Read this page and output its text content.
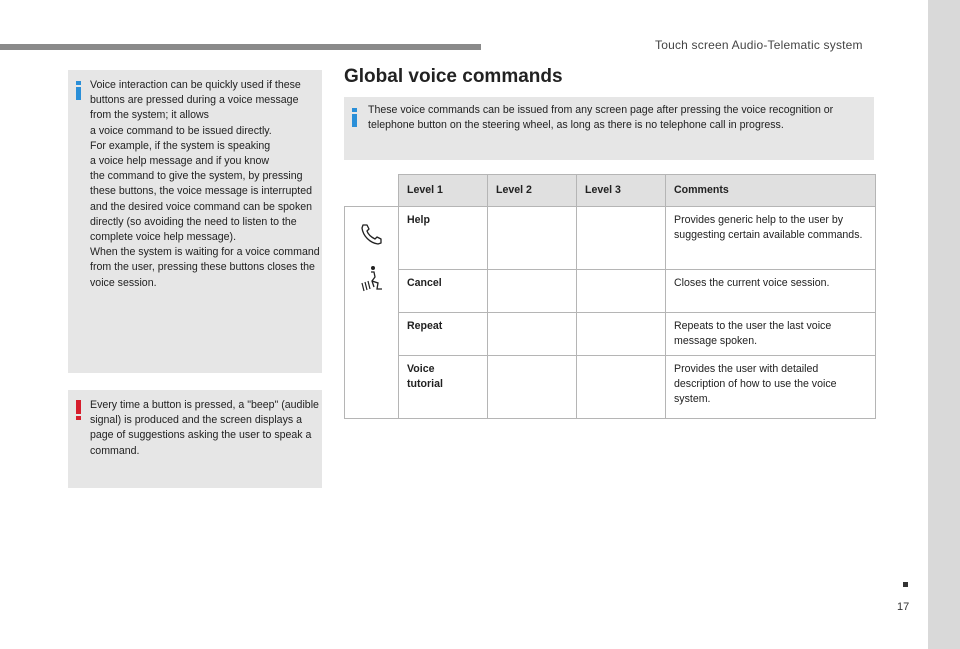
Touch screen Audio-Telematic system
17
Voice interaction can be quickly used if these buttons are pressed during a voice message from the system; it allows
a voice command to be issued directly.
For example, if the system is speaking
a voice help message and if you know
the command to give the system, by pressing these buttons, the voice message is interrupted and the desired voice command can be spoken directly (so avoiding the need to listen to the complete voice help message).
When the system is waiting for a voice command from the user, pressing these buttons closes the voice session.
Every time a button is pressed, a "beep" (audible signal) is produced and the screen displays a page of suggestions asking the user to speak a command.
Global voice commands
These voice commands can be issued from any screen page after pressing the voice recognition or telephone button on the steering wheel, as long as there is no telephone call in progress.
	Level 1	Level 2	Level 3	Comments

	Help			Provides generic help to the user by suggesting certain available commands.
	Cancel			Closes the current voice session.
	Repeat			Repeats to the user the last voice message spoken.
	Voice
tutorial			Provides the user with detailed description of how to use the voice system.
